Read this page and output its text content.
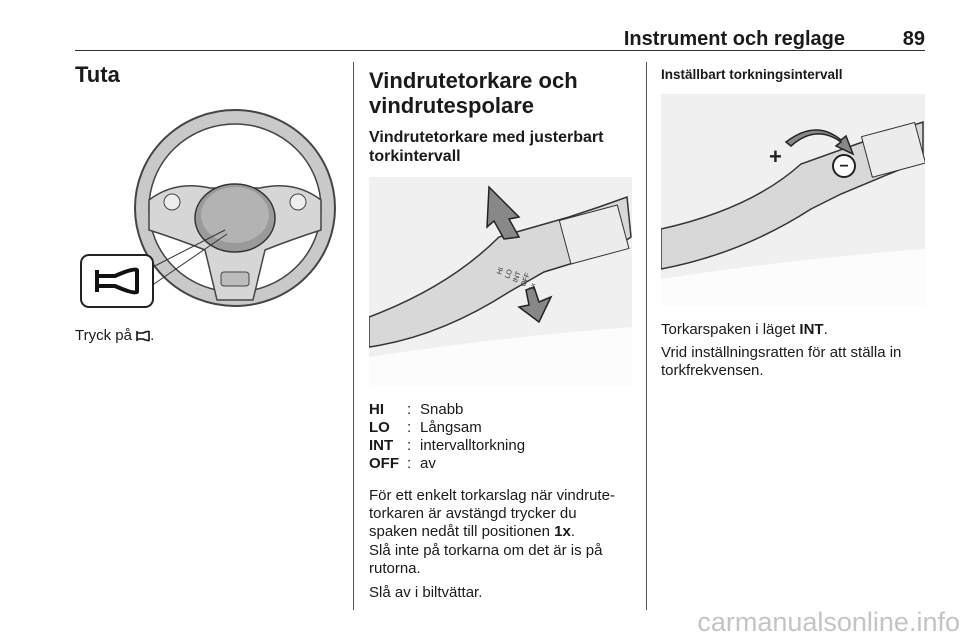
Instrument och reglage	89
Tuta
Tryck på .
Vindrutetorkare och
vindrutespolare
Vindrutetorkare med justerbart
torkintervall
HI LO
INT
OFF
1x
HI	: Snabb
LO	: Långsam
INT : intervalltorkning
OFF : av
För ett enkelt torkarslag när vindrute-
torkaren är avstängd trycker du
spaken nedåt till positionen 1x.
Slå inte på torkarna om det är is på
rutorna.
Slå av i biltvättar.
Inställbart torkningsintervall
+	−
Torkarspaken i läget INT.
Vrid inställningsratten för att ställa in
torkfrekvensen.
carmanualsonline.info
